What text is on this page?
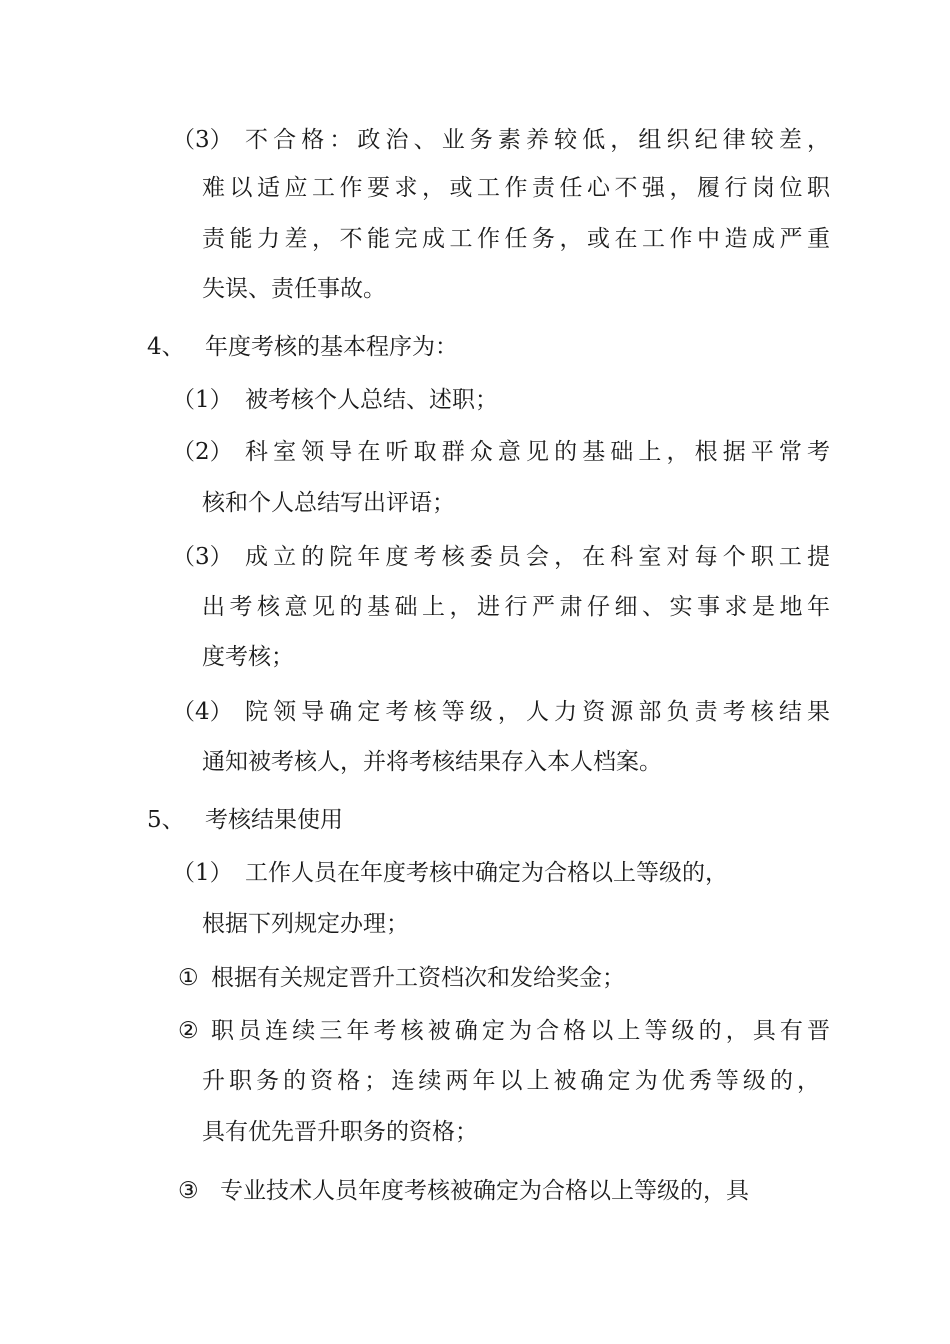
（3） 不合格：政治、业务素养较低，组织纪律较差，
难以适应工作要求，或工作责任心不强，履行岗位职
责能力差，不能完成工作任务，或在工作中造成严重
失误、责任事故。
4、 年度考核的基本程序为：
（1） 被考核个人总结、述职；
（2） 科室领导在听取群众意见的基础上，根据平常考
核和个人总结写出评语；
（3） 成立的院年度考核委员会，在科室对每个职工提
出考核意见的基础上，进行严肃仔细、实事求是地年
度考核；
（4） 院领导确定考核等级，人力资源部负责考核结果
通知被考核人，并将考核结果存入本人档案。
5、 考核结果使用
（1） 工作人员在年度考核中确定为合格以上等级的，
根据下列规定办理；
① 根据有关规定晋升工资档次和发给奖金；
② 职员连续三年考核被确定为合格以上等级的，具有晋
升职务的资格；连续两年以上被确定为优秀等级的，
具有优先晋升职务的资格；
③ 专业技术人员年度考核被确定为合格以上等级的，具
